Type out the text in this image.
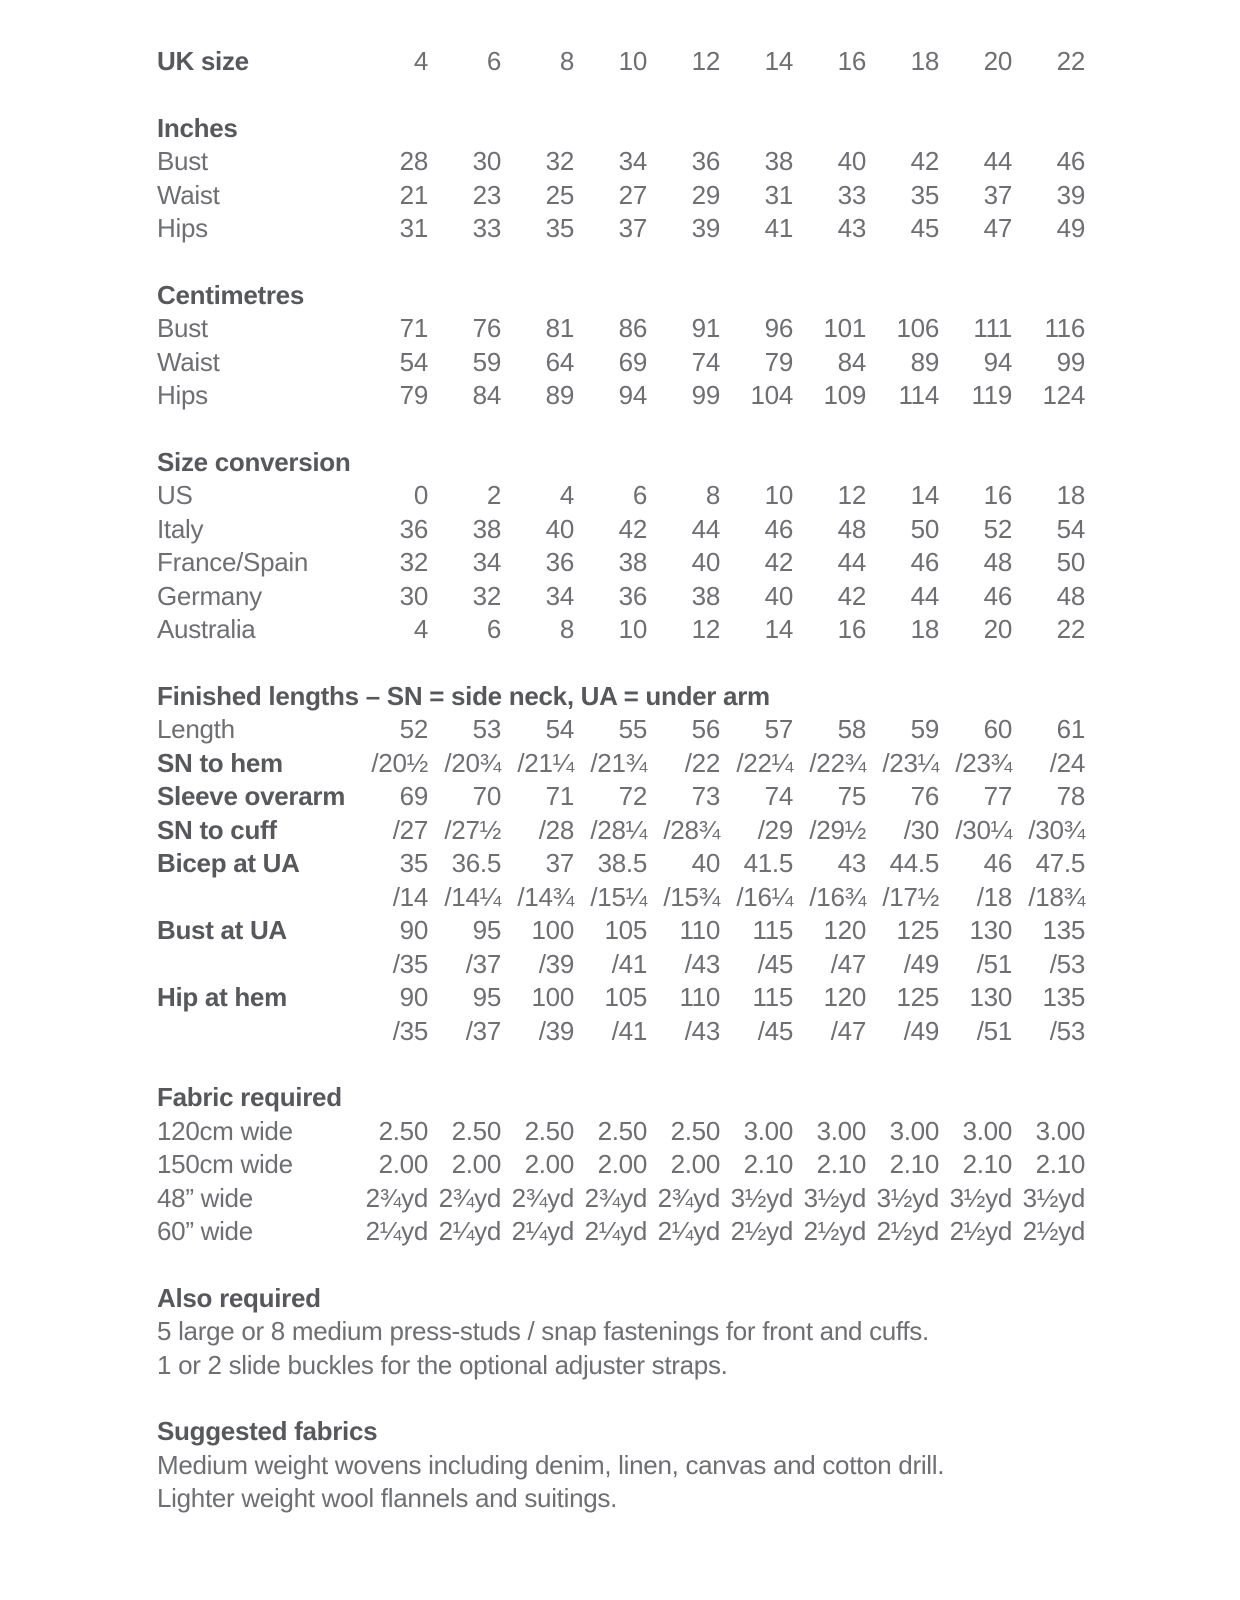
UK size	4	6	8	10	12	14	16	18	20	22
Inches
Bust	28	30	32	34	36	38	40	42	44	46
Waist	21	23	25	27	29	31	33	35	37	39
Hips	31	33	35	37	39	41	43	45	47	49
Centimetres
Bust	71	76	81	86	91	96	101	106	111	116
Waist	54	59	64	69	74	79	84	89	94	99
Hips	79	84	89	94	99	104	109	114	119	124
Size conversion
US	0	2	4	6	8	10	12	14	16	18
Italy	36	38	40	42	44	46	48	50	52	54
France/Spain	32	34	36	38	40	42	44	46	48	50
Germany	30	32	34	36	38	40	42	44	46	48
Australia	4	6	8	10	12	14	16	18	20	22
Finished lengths – SN = side neck, UA = under arm
Length	52	53	54	55	56	57	58	59	60	61
SN to hem	/20½	/20¾	/21¼	/21¾	/22	/22¼	/22¾	/23¼	/23¾	/24
Sleeve overarm	69	70	71	72	73	74	75	76	77	78
SN to cuff	/27	/27½	/28	/28¼	/28¾	/29	/29½	/30	/30¼	/30¾
Bicep at UA	35	36.5	37	38.5	40	41.5	43	44.5	46	47.5
	/14	/14¼	/14¾	/15¼	/15¾	/16¼	/16¾	/17½	/18	/18¾
Bust at UA	90	95	100	105	110	115	120	125	130	135
	/35	/37	/39	/41	/43	/45	/47	/49	/51	/53
Hip at hem	90	95	100	105	110	115	120	125	130	135
	/35	/37	/39	/41	/43	/45	/47	/49	/51	/53
Fabric required
120cm wide	2.50	2.50	2.50	2.50	2.50	3.00	3.00	3.00	3.00	3.00
150cm wide	2.00	2.00	2.00	2.00	2.00	2.10	2.10	2.10	2.10	2.10
48” wide	2¾yd	2¾yd	2¾yd	2¾yd	2¾yd	3½yd	3½yd	3½yd	3½yd	3½yd
60” wide	2¼yd	2¼yd	2¼yd	2¼yd	2¼yd	2½yd	2½yd	2½yd	2½yd	2½yd
Also required
5 large or 8 medium press-studs / snap fastenings for front and cuffs.
1 or 2 slide buckles for the optional adjuster straps.
Suggested fabrics
Medium weight wovens including denim, linen, canvas and cotton drill.
Lighter weight wool flannels and suitings.
